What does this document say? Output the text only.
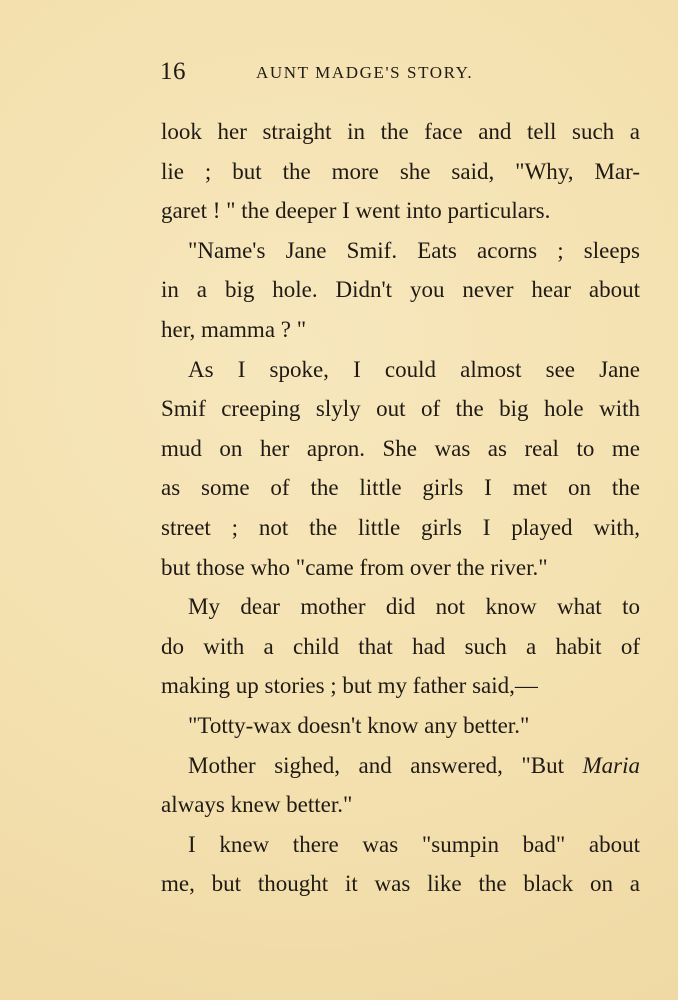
16	AUNT MADGE'S STORY.
look her straight in the face and tell such a
lie ; but the more she said, "Why, Mar-
garet ! " the deeper I went into particulars.
"Name's Jane Smif. Eats acorns ; sleeps
in a big hole. Didn't you never hear about
her, mamma ? "
As I spoke, I could almost see Jane
Smif creeping slyly out of the big hole with
mud on her apron. She was as real to me
as some of the little girls I met on the
street ; not the little girls I played with,
but those who "came from over the river."
My dear mother did not know what to
do with a child that had such a habit of
making up stories ; but my father said,—
"Totty-wax doesn't know any better."
Mother sighed, and answered, "But Maria
always knew better."
I knew there was "sumpin bad" about
me, but thought it was like the black on a
